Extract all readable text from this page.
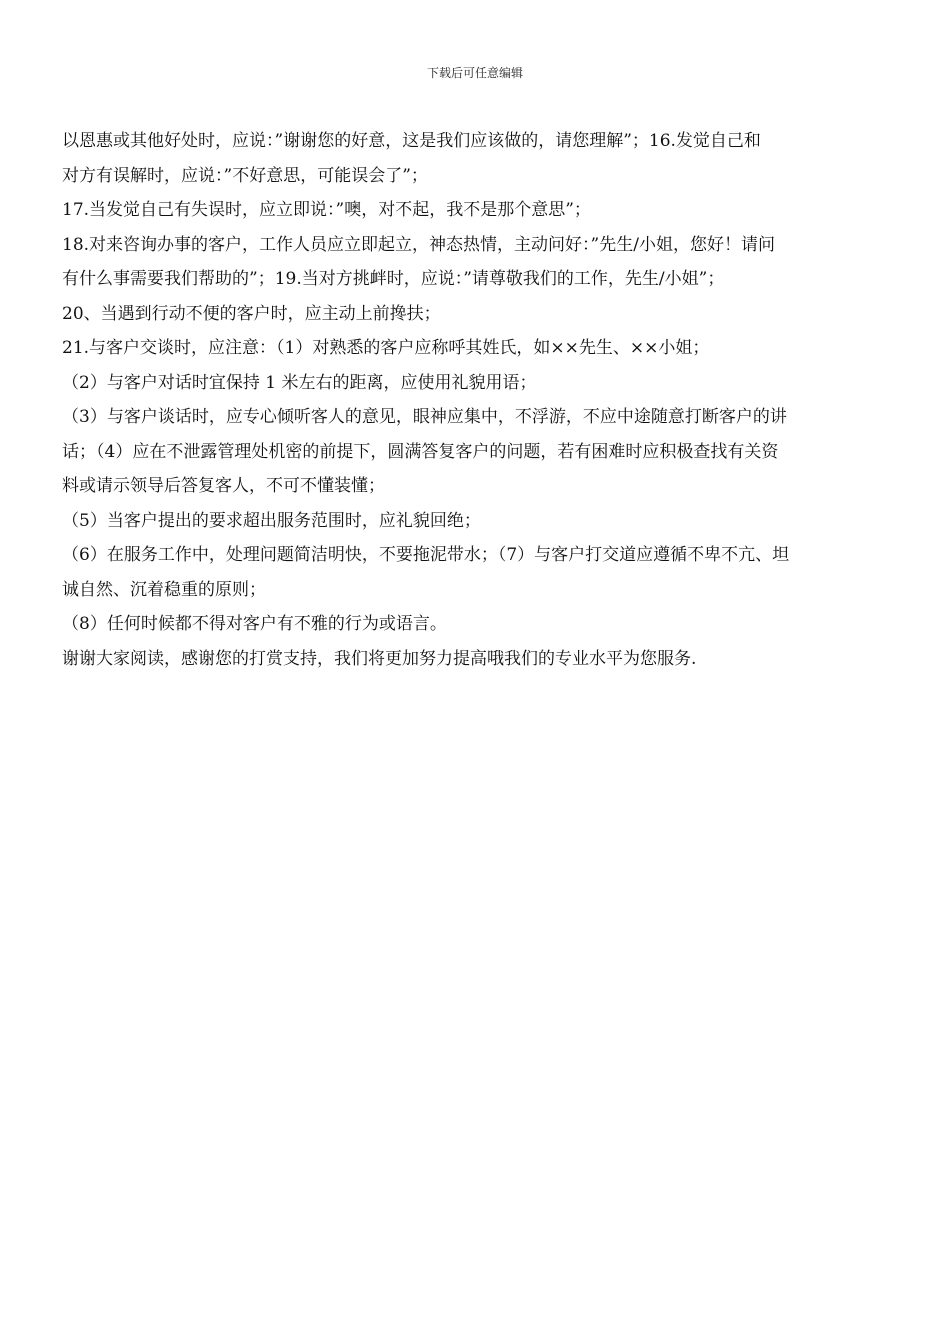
下载后可任意编辑

以恩惠或其他好处时，应说：”谢谢您的好意，这是我们应该做的，请您理解”；16.发觉自己和

对方有误解时，应说：”不好意思，可能误会了”；

17.当发觉自己有失误时，应立即说：”噢，对不起，我不是那个意思”；

18.对来咨询办事的客户，工作人员应立即起立，神态热情，主动问好：”先生/小姐，您好！请问

有什么事需要我们帮助的”；19.当对方挑衅时，应说：”请尊敬我们的工作，先生/小姐”；

20、当遇到行动不便的客户时，应主动上前搀扶；

21.与客户交谈时，应注意：（1）对熟悉的客户应称呼其姓氏，如××先生、××小姐；

（2）与客户对话时宜保持 1 米左右的距离，应使用礼貌用语；

（3）与客户谈话时，应专心倾听客人的意见，眼神应集中，不浮游，不应中途随意打断客户的讲

话；（4）应在不泄露管理处机密的前提下，圆满答复客户的问题，若有困难时应积极查找有关资

料或请示领导后答复客人，不可不懂装懂；

（5）当客户提出的要求超出服务范围时，应礼貌回绝；

（6）在服务工作中，处理问题简洁明快，不要拖泥带水；（7）与客户打交道应遵循不卑不亢、坦

诚自然、沉着稳重的原则；

（8）任何时候都不得对客户有不雅的行为或语言。

谢谢大家阅读，感谢您的打赏支持，我们将更加努力提高哦我们的专业水平为您服务.
